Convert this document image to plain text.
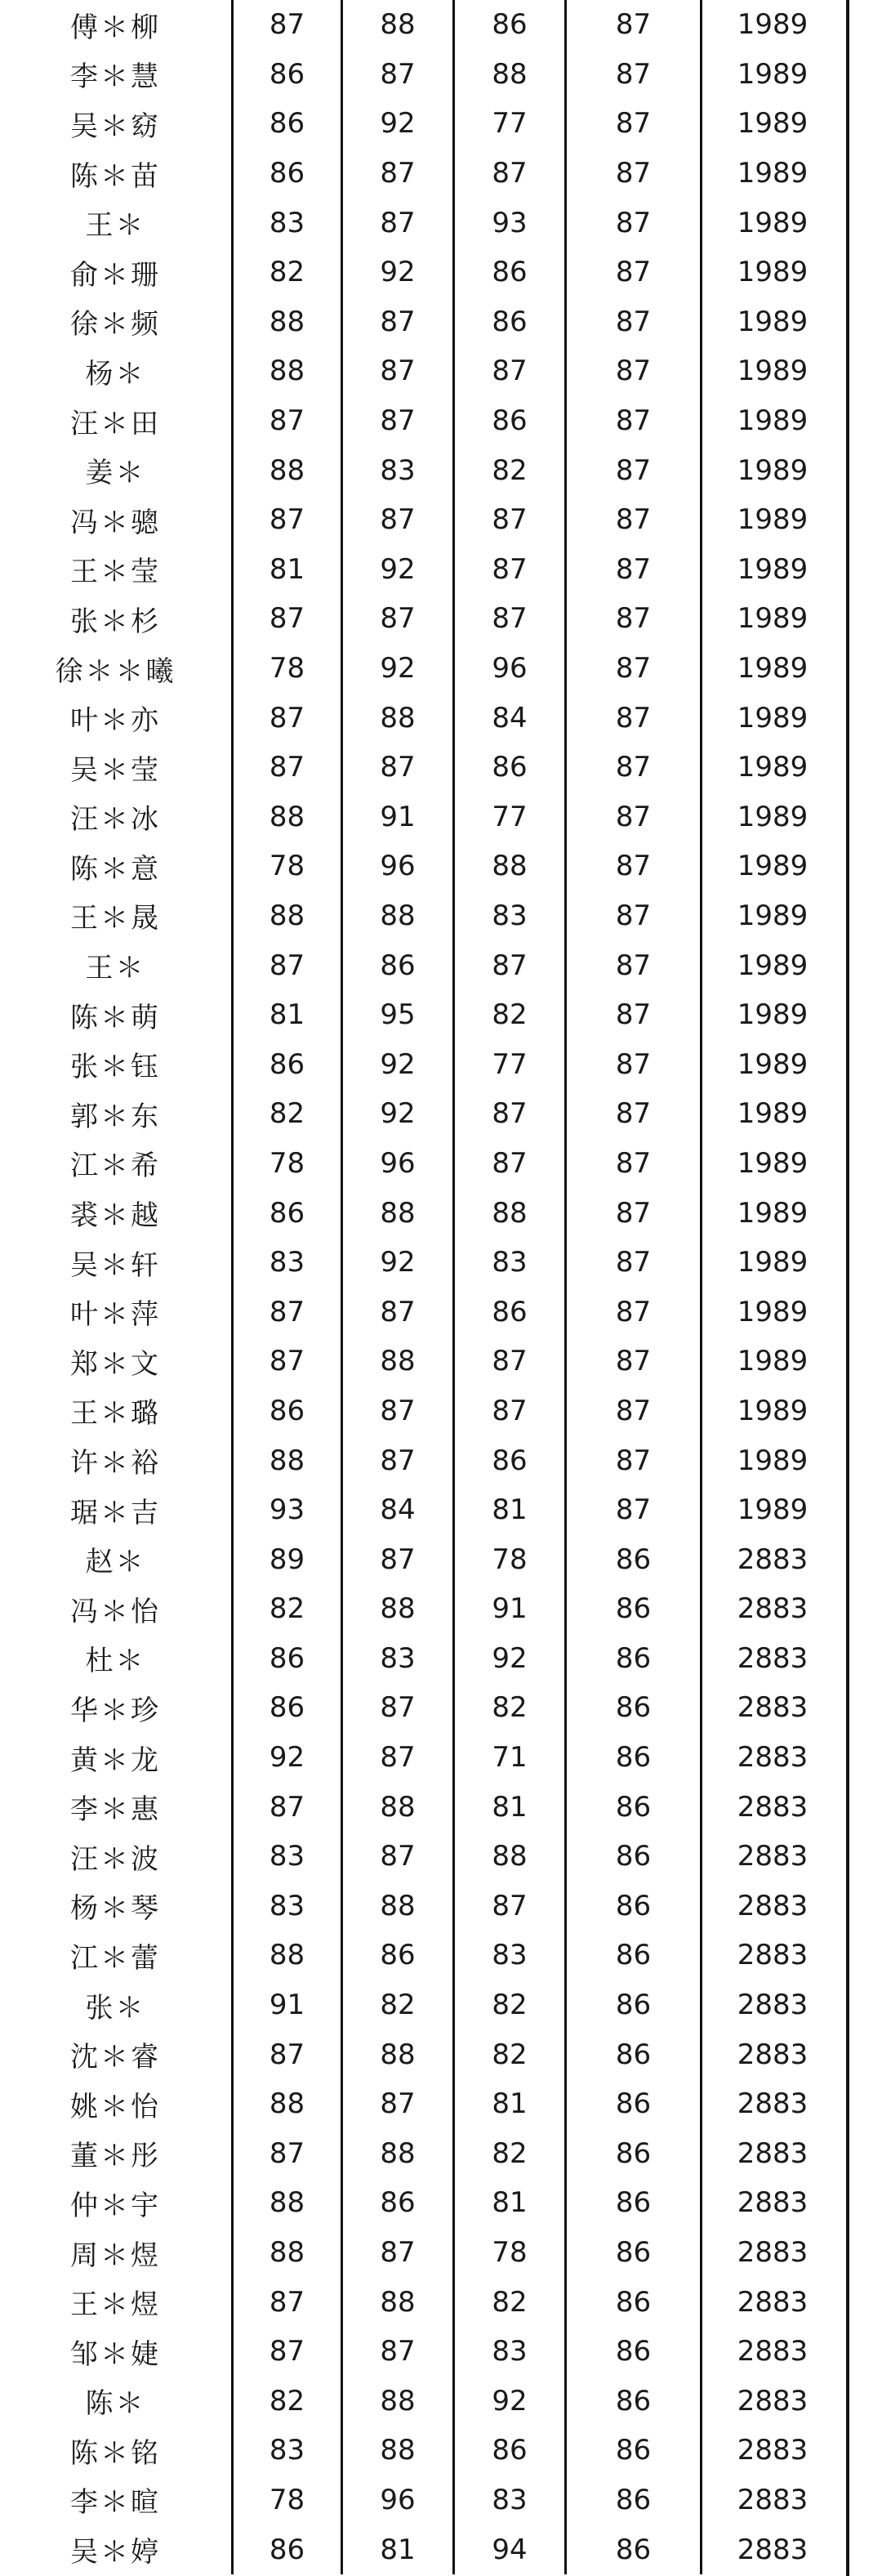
傅＊柳	87	88	86	87	1989
李＊慧	86	87	88	87	1989
吴＊窈	86	92	77	87	1989
陈＊苗	86	87	87	87	1989
王＊	83	87	93	87	1989
俞＊珊	82	92	86	87	1989
徐＊频	88	87	86	87	1989
杨＊	88	87	87	87	1989
汪＊田	87	87	86	87	1989
姜＊	88	83	82	87	1989
冯＊骢	87	87	87	87	1989
王＊莹	81	92	87	87	1989
张＊杉	87	87	87	87	1989
徐＊＊曦	78	92	96	87	1989
叶＊亦	87	88	84	87	1989
吴＊莹	87	87	86	87	1989
汪＊冰	88	91	77	87	1989
陈＊意	78	96	88	87	1989
王＊晟	88	88	83	87	1989
王＊	87	86	87	87	1989
陈＊萌	81	95	82	87	1989
张＊钰	86	92	77	87	1989
郭＊东	82	92	87	87	1989
江＊希	78	96	87	87	1989
裘＊越	86	88	88	87	1989
吴＊轩	83	92	83	87	1989
叶＊萍	87	87	86	87	1989
郑＊文	87	88	87	87	1989
王＊璐	86	87	87	87	1989
许＊裕	88	87	86	87	1989
琚＊吉	93	84	81	87	1989
赵＊	89	87	78	86	2883
冯＊怡	82	88	91	86	2883
杜＊	86	83	92	86	2883
华＊珍	86	87	82	86	2883
黄＊龙	92	87	71	86	2883
李＊惠	87	88	81	86	2883
汪＊波	83	87	88	86	2883
杨＊琴	83	88	87	86	2883
江＊蕾	88	86	83	86	2883
张＊	91	82	82	86	2883
沈＊睿	87	88	82	86	2883
姚＊怡	88	87	81	86	2883
董＊彤	87	88	82	86	2883
仲＊宇	88	86	81	86	2883
周＊煜	88	87	78	86	2883
王＊煜	87	88	82	86	2883
邹＊婕	87	87	83	86	2883
陈＊	82	88	92	86	2883
陈＊铭	83	88	86	86	2883
李＊暄	78	96	83	86	2883
吴＊婷	86	81	94	86	2883
